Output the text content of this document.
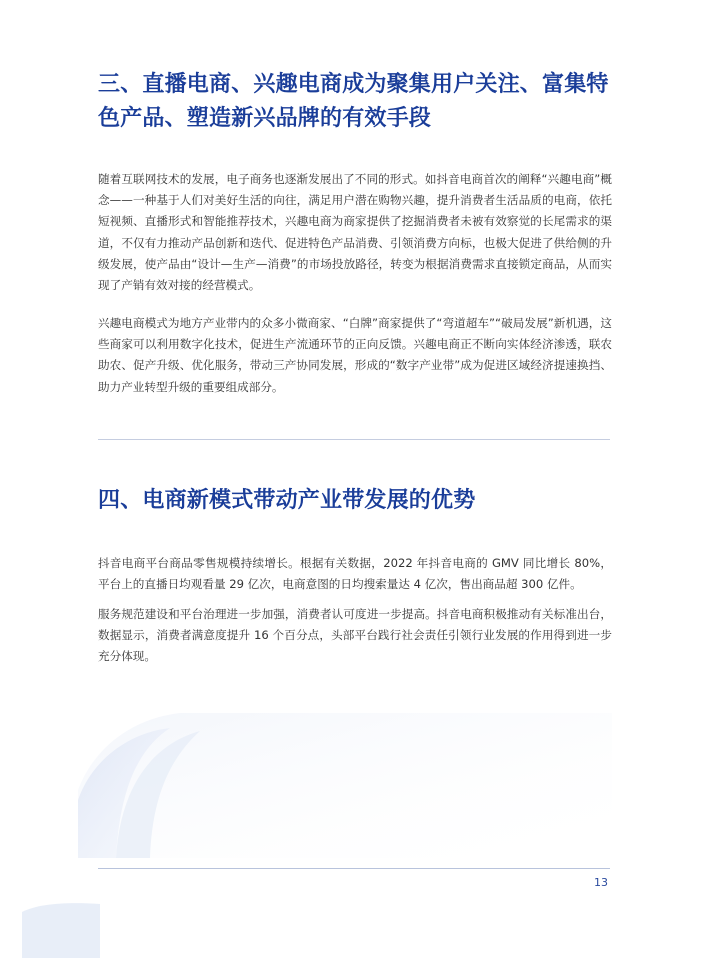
三、直播电商、兴趣电商成为聚集用户关注、富集特色产品、塑造新兴品牌的有效手段

随着互联网技术的发展，电子商务也逐渐发展出了不同的形式。如抖音电商首次的阐释“兴趣电商”概念——一种基于人们对美好生活的向往，满足用户潜在购物兴趣，提升消费者生活品质的电商，依托短视频、直播形式和智能推荐技术，兴趣电商为商家提供了挖掘消费者未被有效察觉的长尾需求的渠道，不仅有力推动产品创新和迭代、促进特色产品消费、引领消费方向标，也极大促进了供给侧的升级发展，使产品由“设计—生产—消费”的市场投放路径，转变为根据消费需求直接锁定商品，从而实现了产销有效对接的经营模式。

兴趣电商模式为地方产业带内的众多小微商家、“白牌”商家提供了“弯道超车”“破局发展”新机遇，这些商家可以利用数字化技术，促进生产流通环节的正向反馈。兴趣电商正不断向实体经济渗透，联农助农、促产升级、优化服务，带动三产协同发展，形成的“数字产业带”成为促进区域经济提速换挡、助力产业转型升级的重要组成部分。

四、电商新模式带动产业带发展的优势

抖音电商平台商品零售规模持续增长。根据有关数据，2022 年抖音电商的 GMV 同比增长 80%，平台上的直播日均观看量 29 亿次，电商意图的日均搜索量达 4 亿次，售出商品超 300 亿件。

服务规范建设和平台治理进一步加强，消费者认可度进一步提高。抖音电商积极推动有关标准出台，数据显示，消费者满意度提升 16 个百分点，头部平台践行社会责任引领行业发展的作用得到进一步充分体现。

13
